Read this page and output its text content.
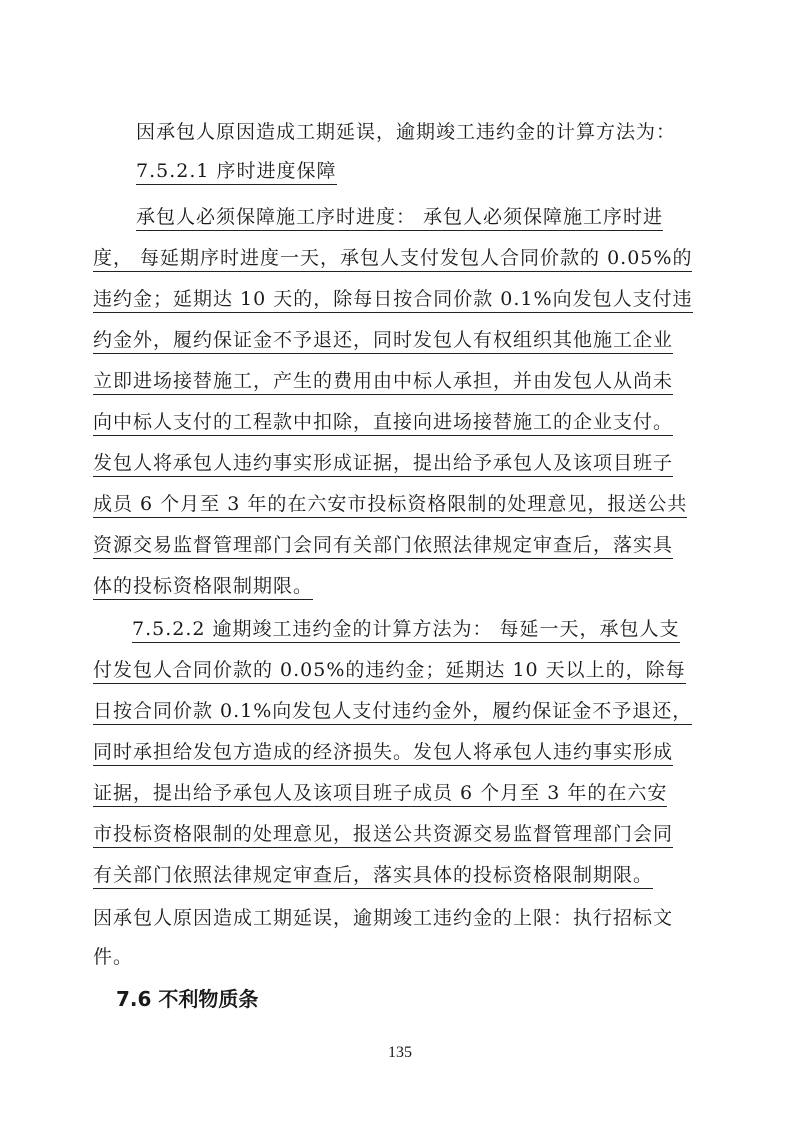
因承包人原因造成工期延误，逾期竣工违约金的计算方法为：
7.5.2.1 序时进度保障
承包人必须保障施工序时进度： 承包人必须保障施工序时进
度， 每延期序时进度一天，承包人支付发包人合同价款的 0.05%的
违约金；延期达 10 天的，除每日按合同价款 0.1%向发包人支付违
约金外，履约保证金不予退还，同时发包人有权组织其他施工企业
立即进场接替施工，产生的费用由中标人承担，并由发包人从尚未
向中标人支付的工程款中扣除，直接向进场接替施工的企业支付。
发包人将承包人违约事实形成证据，提出给予承包人及该项目班子
成员 6 个月至 3 年的在六安市投标资格限制的处理意见，报送公共
资源交易监督管理部门会同有关部门依照法律规定审查后，落实具
体的投标资格限制期限。
7.5.2.2 逾期竣工违约金的计算方法为： 每延一天，承包人支
付发包人合同价款的 0.05%的违约金；延期达 10 天以上的，除每
日按合同价款 0.1%向发包人支付违约金外，履约保证金不予退还，
同时承担给发包方造成的经济损失。发包人将承包人违约事实形成
证据，提出给予承包人及该项目班子成员 6 个月至 3 年的在六安
市投标资格限制的处理意见，报送公共资源交易监督管理部门会同
有关部门依照法律规定审查后，落实具体的投标资格限制期限。
因承包人原因造成工期延误，逾期竣工违约金的上限：执行招标文
件。
7.6 不利物质条
135
